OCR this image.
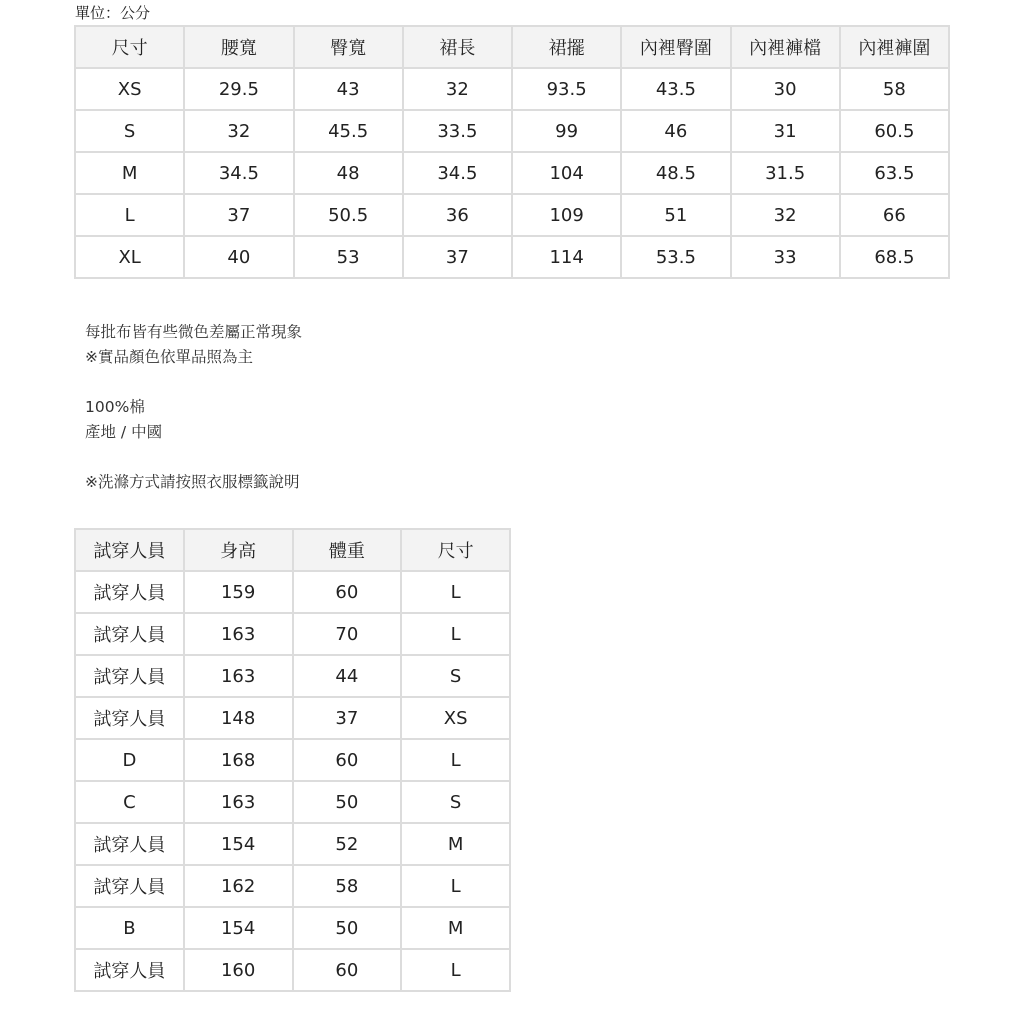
單位：公分
尺寸	腰寬	臀寬	裙長	裙擺	內裡臀圍	內裡褲檔	內裡褲圍
XS	29.5	43	32	93.5	43.5	30	58
S	32	45.5	33.5	99	46	31	60.5
M	34.5	48	34.5	104	48.5	31.5	63.5
L	37	50.5	36	109	51	32	66
XL	40	53	37	114	53.5	33	68.5

每批布皆有些微色差屬正常現象

※實品顏色依單品照為主

100%棉

產地 / 中國

※洗滌方式請按照衣服標籤說明

試穿人員	身高	體重	尺寸
試穿人員	159	60	L
試穿人員	163	70	L
試穿人員	163	44	S
試穿人員	148	37	XS
D	168	60	L
C	163	50	S
試穿人員	154	52	M
試穿人員	162	58	L
B	154	50	M
試穿人員	160	60	L
